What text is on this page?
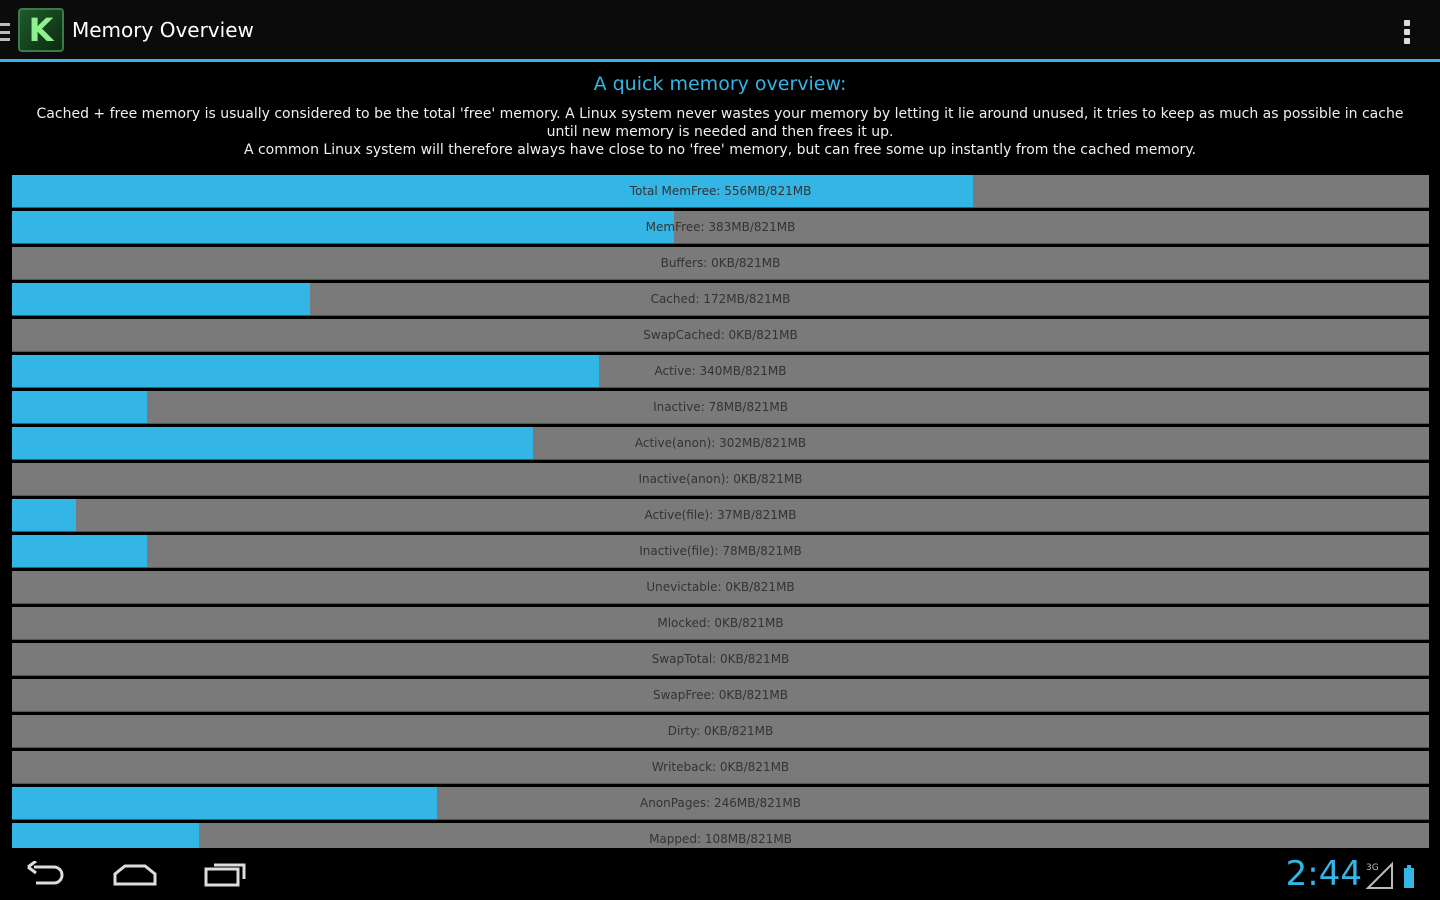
K Memory Overview
A quick memory overview:
Cached + free memory is usually considered to be the total 'free' memory. A Linux system never wastes your memory by letting it lie around unused, it tries to keep as much as possible in cache until new memory is needed and then frees it up.
A common Linux system will therefore always have close to no 'free' memory, but can free some up instantly from the cached memory.
Total MemFree: 556MB/821MB
MemFree: 383MB/821MB
Buffers: 0KB/821MB
Cached: 172MB/821MB
SwapCached: 0KB/821MB
Active: 340MB/821MB
Inactive: 78MB/821MB
Active(anon): 302MB/821MB
Inactive(anon): 0KB/821MB
Active(file): 37MB/821MB
Inactive(file): 78MB/821MB
Unevictable: 0KB/821MB
Mlocked: 0KB/821MB
SwapTotal: 0KB/821MB
SwapFree: 0KB/821MB
Dirty: 0KB/821MB
Writeback: 0KB/821MB
AnonPages: 246MB/821MB
Mapped: 108MB/821MB
2:44 3G
